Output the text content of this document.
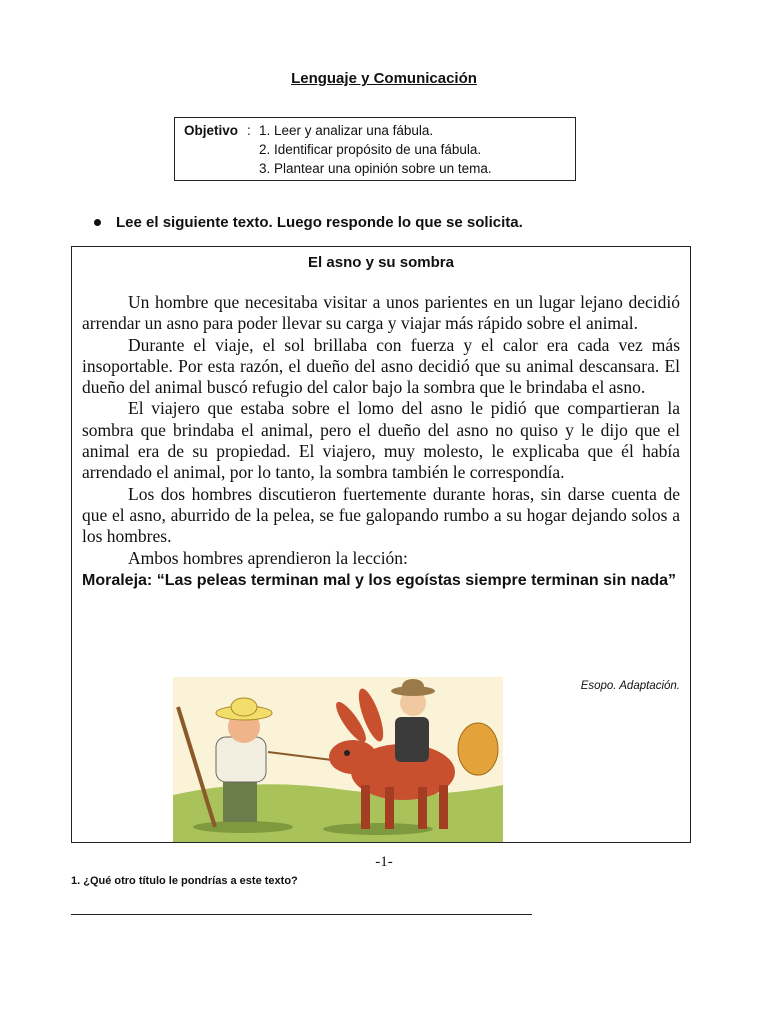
Lenguaje y Comunicación
Objetivo : 1. Leer y analizar una fábula.
2. Identificar propósito de una fábula.
3. Plantear una opinión sobre un tema.
Lee el siguiente texto. Luego responde lo que se solicita.
El asno y su sombra

Un hombre que necesitaba visitar a unos parientes en un lugar lejano decidió arrendar un asno para poder llevar su carga y viajar más rápido sobre el animal.

Durante el viaje, el sol brillaba con fuerza y el calor era cada vez más insoportable. Por esta razón, el dueño del asno decidió que su animal descansara. El dueño del animal buscó refugio del calor bajo la sombra que le brindaba el asno.

El viajero que estaba sobre el lomo del asno le pidió que compartieran la sombra que brindaba el animal, pero el dueño del asno no quiso y le dijo que el animal era de su propiedad. El viajero, muy molesto, le explicaba que él había arrendado el animal, por lo tanto, la sombra también le correspondía.

Los dos hombres discutieron fuertemente durante horas, sin darse cuenta de que el asno, aburrido de la pelea, se fue galopando rumbo a su hogar dejando solos a los hombres.

Ambos hombres aprendieron la lección:
Moraleja: “Las peleas terminan mal y los egoístas siempre terminan sin nada”
Esopo. Adaptación.
-1-
1. ¿Qué otro título le pondrías a este texto?
